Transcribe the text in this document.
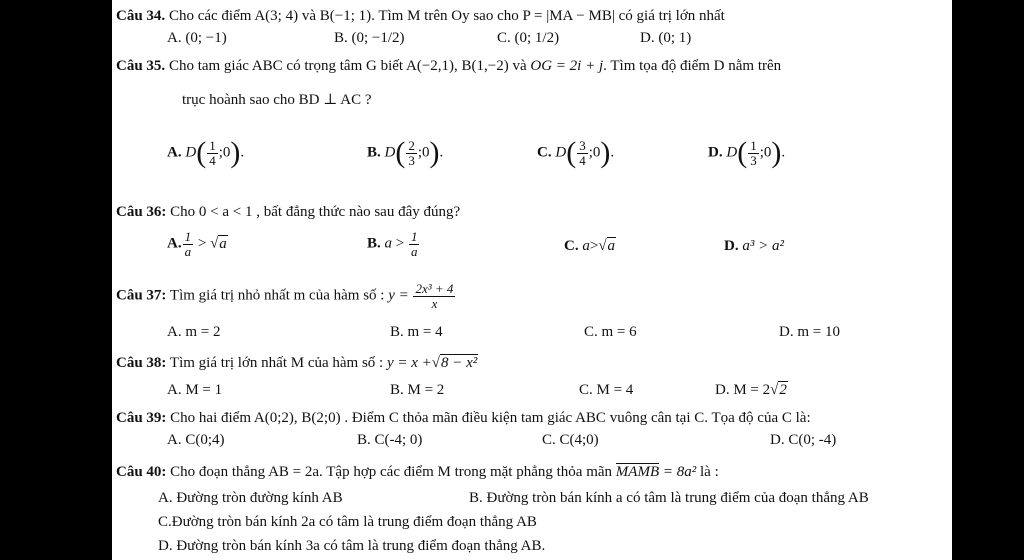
Câu 34. Cho các điểm A(3; 4) và B(−1; 1). Tìm M trên Oy sao cho P = |MA − MB| có giá trị lớn nhất
A. (0; −1)	B. (0; −1/2)	C. (0; 1/2)	D. (0; 1)
Câu 35. Cho tam giác ABC có trọng tâm G biết A(−2,1), B(1,−2) và OG = 2i + j. Tìm tọa độ điểm D nằm trên
trục hoành sao cho BD ⊥ AC ?
A. $D( \frac{1}{4}$ ;0).	B. $D( \frac{2}{3}$ ;0).	C. $D( \frac{3}{4}$ ;0).	D. $D( \frac{1}{3}$ ;0).
Câu 36: Cho 0 < a < 1 , bất đẳng thức nào sau đây đúng?
A. $\frac{1}{a} > √a$	B. $a > \frac{1}{a}$	C. a>√a	D. a³ > a²
Câu 37: Tìm giá trị nhỏ nhất m của hàm số : $y = \frac{\text{2x³ + 4}}{x}$
A. m = 2	B. m = 4	C. m = 6	D. m = 10
Câu 38: Tìm giá trị lớn nhất M của hàm số : y = x +√8 − x²
A. M = 1	B. M = 2	C. M = 4	D. M = 2√2
Câu 39: Cho hai điểm A(0;2), B(2;0) . Điểm C thỏa mãn điều kiện tam giác ABC vuông cân tại C. Tọa độ của C là:
A. C(0;4)	B. C(-4; 0)	C. C(4;0)	D. C(0; -4)
Câu 40: Cho đoạn thẳng AB = 2a. Tập hợp các điểm M trong mặt phẳng thỏa mãn MAMB = 8a² là :
A. Đường tròn đường kính AB	B. Đường tròn bán kính a có tâm là trung điểm của đoạn thẳng AB
C.Đường tròn bán kính 2a có tâm là trung điểm đoạn thẳng AB
D. Đường tròn bán kính 3a có tâm là trung điểm đoạn thẳng AB.
